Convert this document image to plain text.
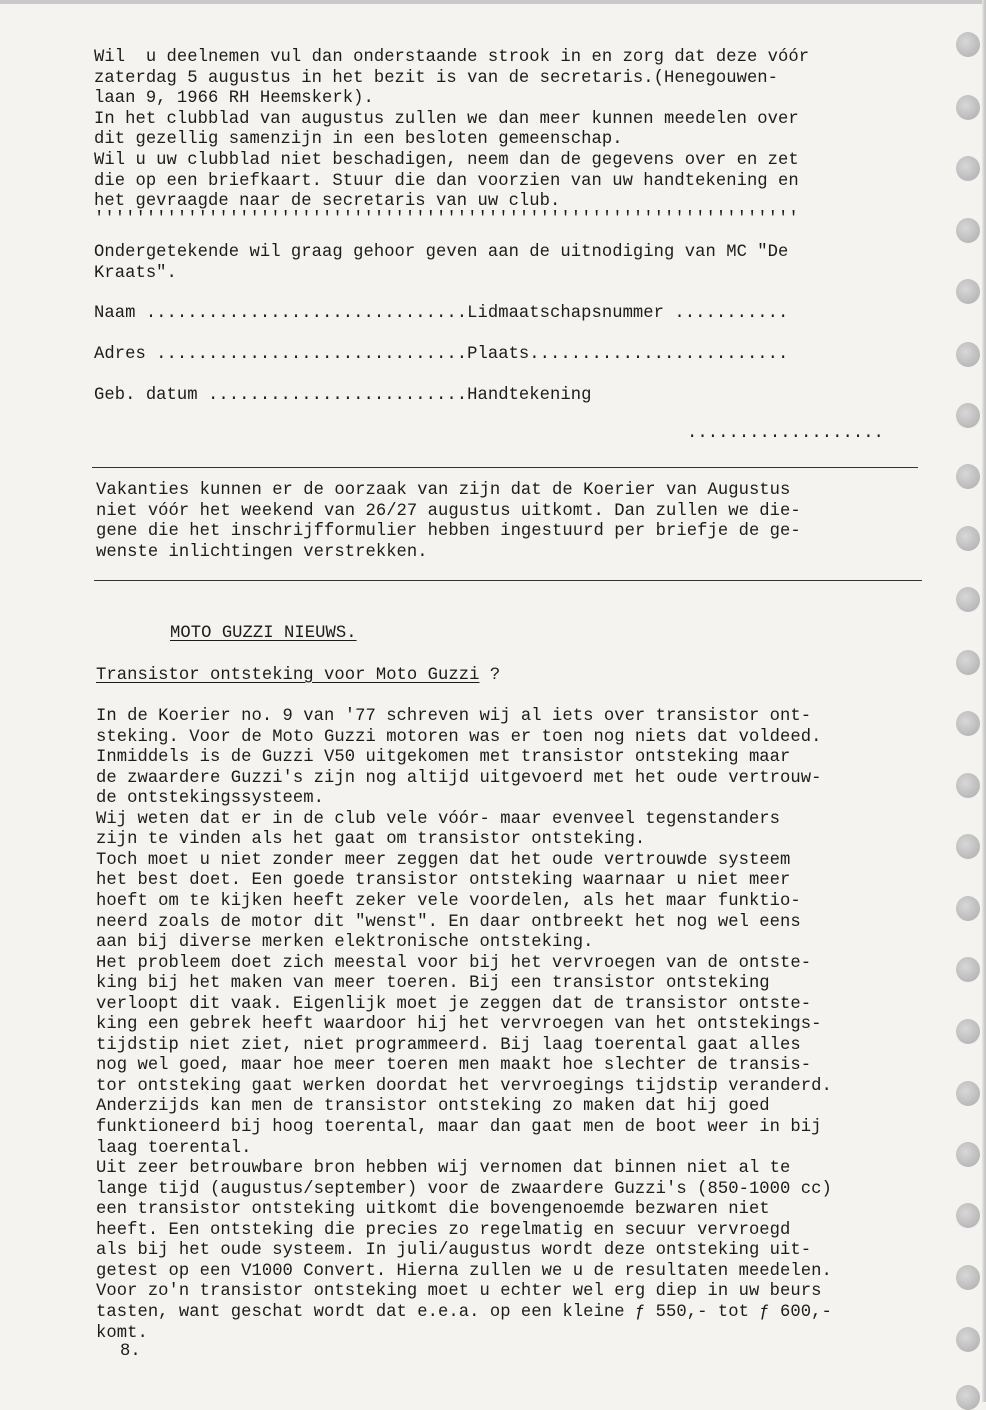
Wil  u deelnemen vul dan onderstaande strook in en zorg dat deze vóór
zaterdag 5 augustus in het bezit is van de secretaris.(Henegouwen-
laan 9, 1966 RH Heemskerk).
In het clubblad van augustus zullen we dan meer kunnen meedelen over
dit gezellig samenzijn in een besloten gemeenschap.
Wil u uw clubblad niet beschadigen, neem dan de gegevens over en zet
die op een briefkaart. Stuur die dan voorzien van uw handtekening en
het gevraagde naar de secretaris van uw club.
''''''''''''''''''''''''''''''''''''''''''''''''''''''''''''''''''''
Ondergetekende wil graag gehoor geven aan de uitnodiging van MC "De
Kraats".
Naam ...............................Lidmaatschapsnummer ...........
Adres ..............................Plaats.........................
Geb. datum .........................Handtekening
...................
Vakanties kunnen er de oorzaak van zijn dat de Koerier van Augustus
niet vóór het weekend van 26/27 augustus uitkomt. Dan zullen we die-
gene die het inschrijfformulier hebben ingestuurd per briefje de ge-
wenste inlichtingen verstrekken.
MOTO GUZZI NIEUWS.
Transistor ontsteking voor Moto Guzzi ?
In de Koerier no. 9 van '77 schreven wij al iets over transistor ont-
steking. Voor de Moto Guzzi motoren was er toen nog niets dat voldeed.
Inmiddels is de Guzzi V50 uitgekomen met transistor ontsteking maar
de zwaardere Guzzi's zijn nog altijd uitgevoerd met het oude vertrouw-
de ontstekingssysteem.
Wij weten dat er in de club vele vóór- maar evenveel tegenstanders
zijn te vinden als het gaat om transistor ontsteking.
Toch moet u niet zonder meer zeggen dat het oude vertrouwde systeem
het best doet. Een goede transistor ontsteking waarnaar u niet meer
hoeft om te kijken heeft zeker vele voordelen, als het maar funktio-
neerd zoals de motor dit "wenst". En daar ontbreekt het nog wel eens
aan bij diverse merken elektronische ontsteking.
Het probleem doet zich meestal voor bij het vervroegen van de ontste-
king bij het maken van meer toeren. Bij een transistor ontsteking
verloopt dit vaak. Eigenlijk moet je zeggen dat de transistor ontste-
king een gebrek heeft waardoor hij het vervroegen van het ontstekings-
tijdstip niet ziet, niet programmeerd. Bij laag toerental gaat alles
nog wel goed, maar hoe meer toeren men maakt hoe slechter de transis-
tor ontsteking gaat werken doordat het vervroegings tijdstip veranderd.
Anderzijds kan men de transistor ontsteking zo maken dat hij goed
funktioneerd bij hoog toerental, maar dan gaat men de boot weer in bij
laag toerental.
Uit zeer betrouwbare bron hebben wij vernomen dat binnen niet al te
lange tijd (augustus/september) voor de zwaardere Guzzi's (850-1000 cc)
een transistor ontsteking uitkomt die bovengenoemde bezwaren niet
heeft. Een ontsteking die precies zo regelmatig en secuur vervroegd
als bij het oude systeem. In juli/augustus wordt deze ontsteking uit-
getest op een V1000 Convert. Hierna zullen we u de resultaten meedelen.
Voor zo'n transistor ontsteking moet u echter wel erg diep in uw beurs
tasten, want geschat wordt dat e.e.a. op een kleine ƒ 550,- tot ƒ 600,-
komt.
8.
